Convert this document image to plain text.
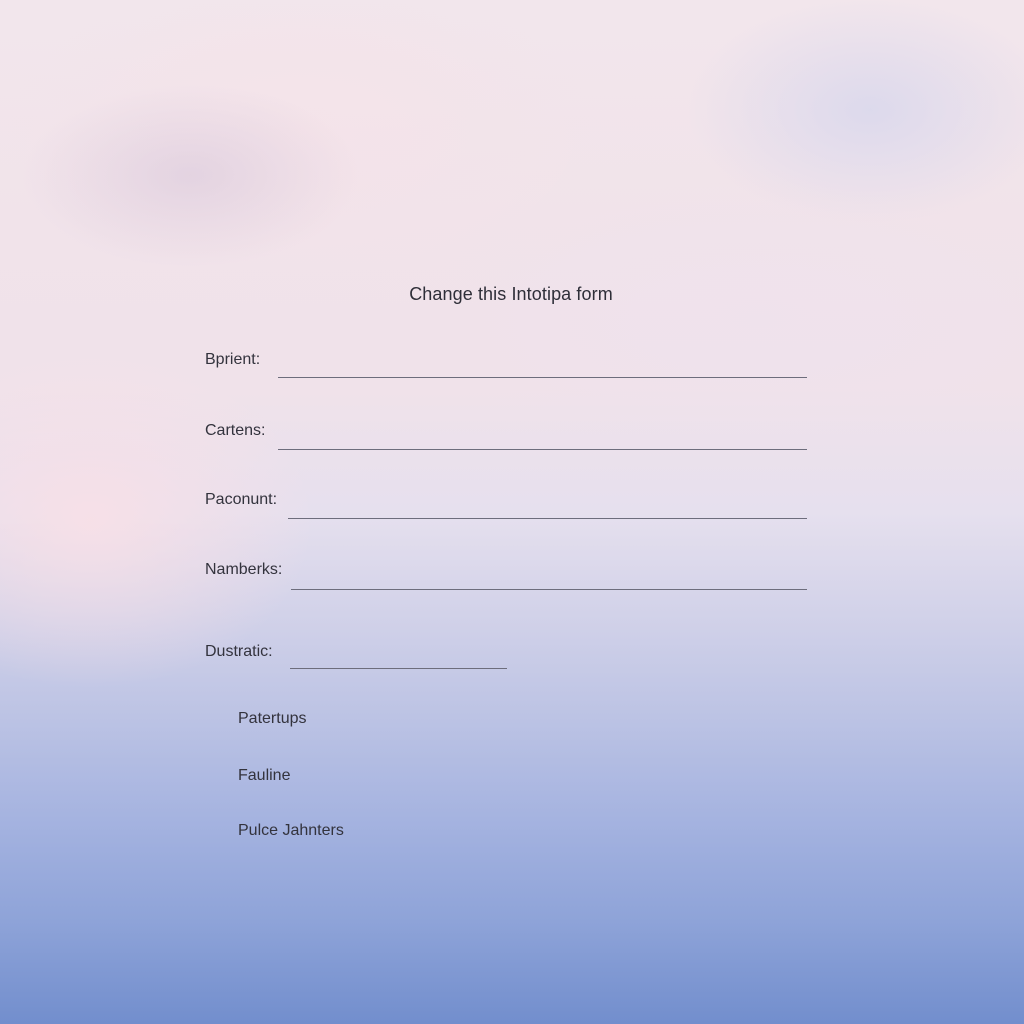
Change this Intotipa form
Bprient:
Cartens:
Paconunt:
Namberks:
Dustratic:
Patertups
Fauline
Pulce Jahnters
